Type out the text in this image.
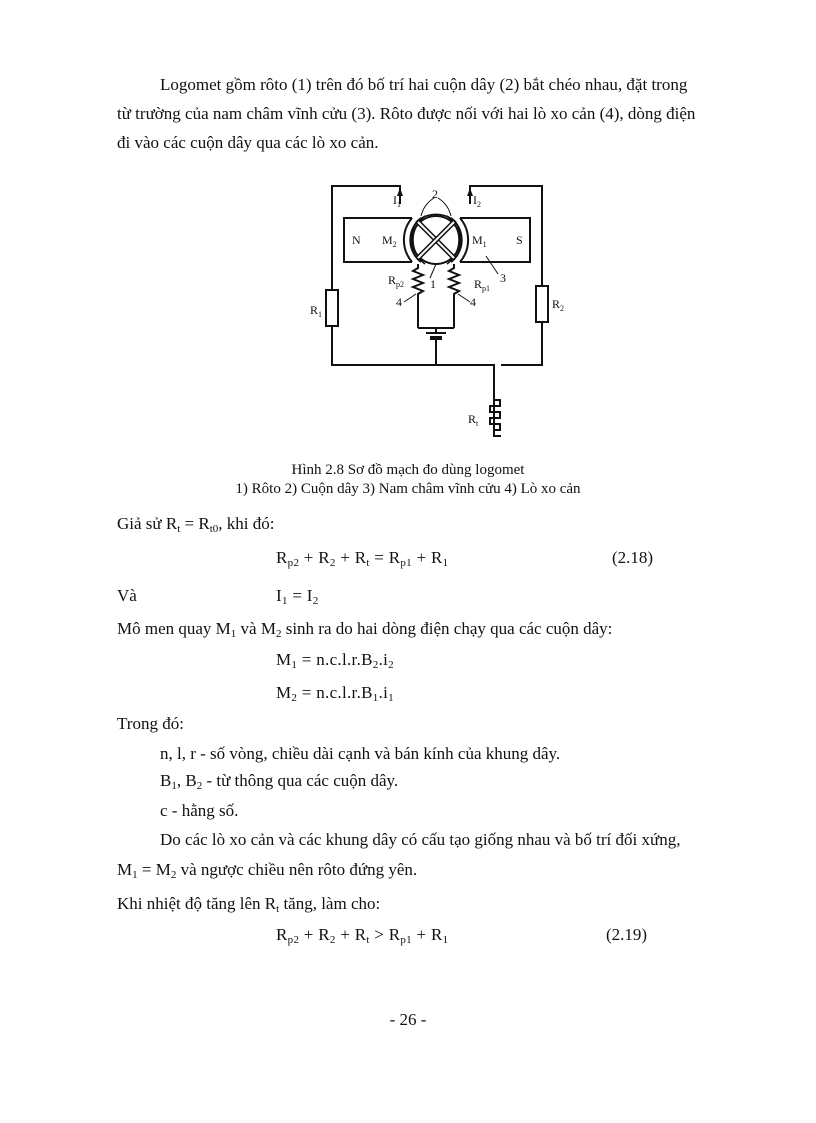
Logomet gồm rôto (1) trên đó bố trí hai cuộn dây (2) bắt chéo nhau, đặt trong
từ trường của nam châm vĩnh cửu (3). Rôto được nối với hai lò xo cản (4), dòng điện
đi vào các cuộn dây qua các lò xo cản.
$I_1$	$I_2$
2
N	S
$M_2$	$M_1$
1	3
$R_{p2}$	$R_{p1}$
4	4
$R_1$
$R_2$
$R_t$
Hình 2.8 Sơ đồ mạch đo dùng logomet
1) Rôto 2) Cuộn dây 3) Nam châm vĩnh cửu 4) Lò xo cản
Giả sử $R_t = R_{t0}$, khi đó:
$R_{p2} + R_2 + R_t = R_{p1} + R_1$	(2.18)
Và	$I_1 = I_2$
Mô men quay $M_1$ và $M_2$ sinh ra do hai dòng điện chạy qua các cuộn dây:
$M_1 = n.c.l.r.B_2.i_2$
$M_2 = n.c.l.r.B_1.i_1$
Trong đó:
n, l, r - số vòng, chiều dài cạnh và bán kính của khung dây.
$B_1$, $B_2$ - từ thông qua các cuộn dây.
c - hằng số.
Do các lò xo cản và các khung dây có cấu tạo giống nhau và bố trí đối xứng,
$M_1 = M_2$ và ngược chiều nên rôto đứng yên.
Khi nhiệt độ tăng lên $R_t$ tăng, làm cho:
$R_{p2} + R_2 + R_t > R_{p1} + R_1$	(2.19)
- 26 -
